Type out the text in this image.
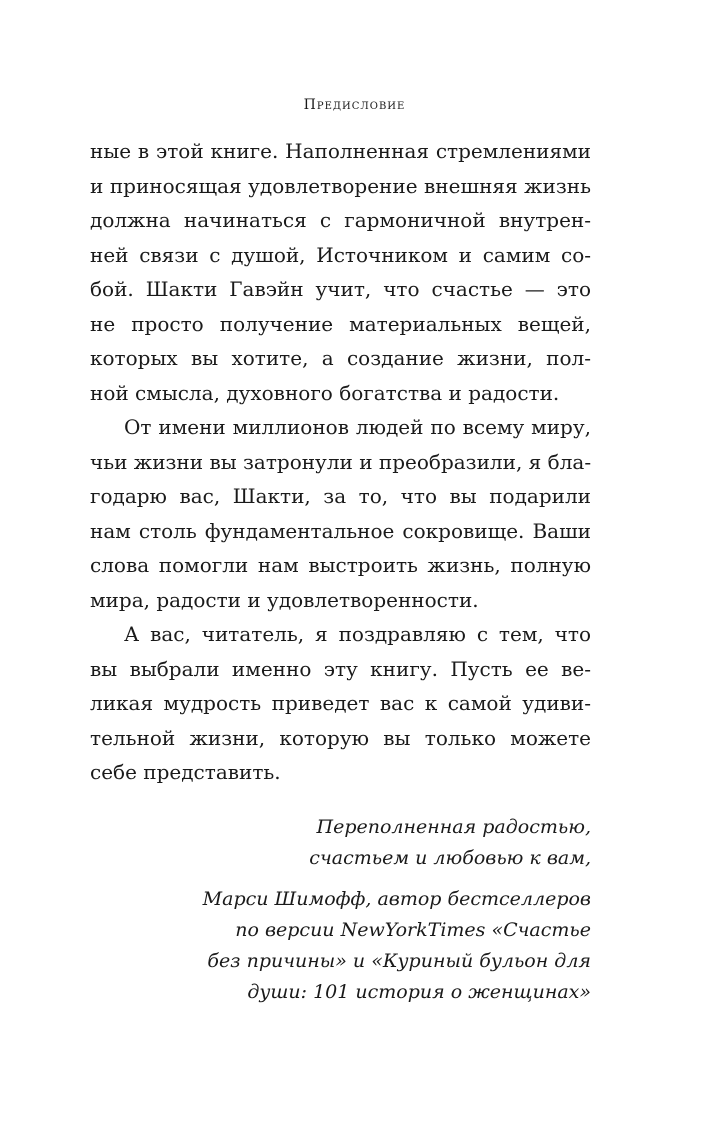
Предисловие
ные в этой книге. Наполненная стремлениями
и приносящая удовлетворение внешняя жизнь
должна начинаться с гармоничной внутрен-
ней связи с душой, Источником и самим со-
бой. Шакти Гавэйн учит, что счастье — это
не просто получение материальных вещей,
которых вы хотите, а создание жизни, пол-
ной смысла, духовного богатства и радости.
От имени миллионов людей по всему миру,
чьи жизни вы затронули и преобразили, я бла-
годарю вас, Шакти, за то, что вы подарили
нам столь фундаментальное сокровище. Ваши
слова помогли нам выстроить жизнь, полную
мира, радости и удовлетворенности.
А вас, читатель, я поздравляю с тем, что
вы выбрали именно эту книгу. Пусть ее ве-
ликая мудрость приведет вас к самой удиви-
тельной жизни, которую вы только можете
себе представить.
Переполненная радостью,
счастьем и любовью к вам,
Марси Шимофф, автор бестселлеров
по версии NewYorkTimes «Счастье
без причины» и «Куриный бульон для
души: 101 история о женщинах»
